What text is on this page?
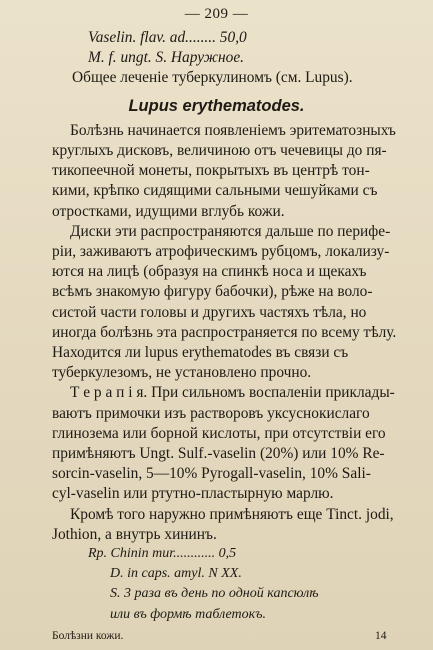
— 209 —
Vaselin. flav. ad........ 50,0
M. f. ungt. S. Наружное.
Общее леченіе туберкулиномъ (см. Lupus).
Lupus erythematodes.
Болѣзнь начинается появленіемъ эритематозныхъ
круглыхъ дисковъ, величиною отъ чечевицы до пя-
тикопеечной монеты, покрытыхъ въ центрѣ тон-
кими, крѣпко сидящими сальными чешуйками съ
отростками, идущими вглубь кожи.
Диски эти распространяются дальше по перифе-
ріи, заживаютъ атрофическимъ рубцомъ, локализу-
ются на лицѣ (образуя на спинкѣ носа и щекахъ
всѣмъ знакомую фигуру бабочки), рѣже на воло-
систой части головы и другихъ частяхъ тѣла, но
иногда болѣзнь эта распространяется по всему тѣлу.
Находится ли lupus erythematodes въ связи съ
туберкулезомъ, не установлено прочно.
Т е р а п і я. При сильномъ воспаленіи приклады-
ваютъ примочки изъ растворовъ уксуснокислаго
глинозема или борной кислоты, при отсутствіи его
примѣняютъ Ungt. Sulf.-vaselin (20%) или 10% Re-
sorcin-vaselin, 5—10% Pyrogall-vaselin, 10% Sali-
cyl-vaselin или ртутно-пластырную марлю.
Кромѣ того наружно примѣняютъ еще Tinct. jodi,
Jothion, а внутрь хининъ.
Болѣзни кожи.	14
Rp. Chinin mur............ 0,5
D. in caps. amyl. N XX.
S. 3 раза въ день по одной капсюлѣ
или въ формѣ таблетокъ.
